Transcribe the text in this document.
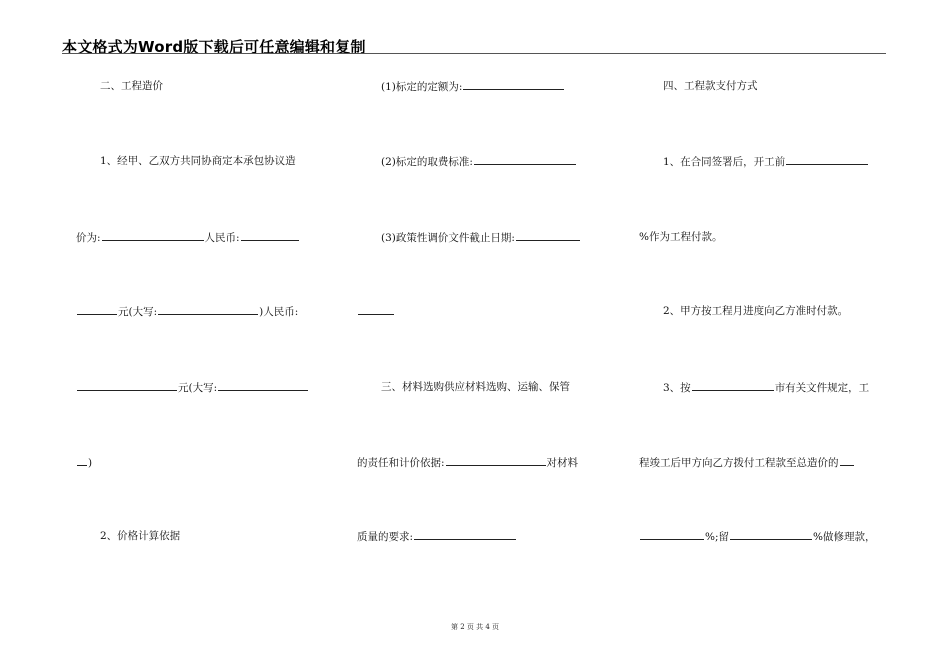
本文格式为Word版下载后可任意编辑和复制
二、工程造价
1、经甲、乙双方共同协商定本承包协议造
价为:	人民币:
元(大写:	)人民币:
元(大写:
)
2、价格计算依据
(1)标定的定额为:
(2)标定的取费标准:
(3)政策性调价文件截止日期:
三、材料选购供应材料选购、运输、保管
的责任和计价依据:	对材料
质量的要求:
四、工程款支付方式
1、在合同签署后，开工前
%作为工程付款。
2、甲方按工程月进度向乙方准时付款。
3、按	市有关文件规定，工
程竣工后甲方向乙方拨付工程款至总造价的
%;留	%做修理款，
第 2 页 共 4 页
